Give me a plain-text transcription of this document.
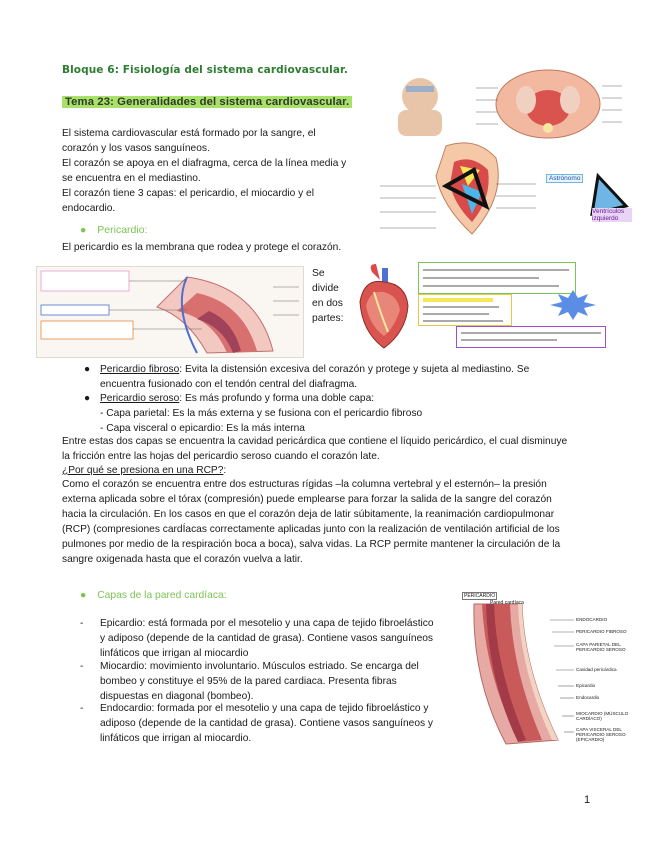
Bloque 6: Fisiología del sistema cardiovascular.
Tema 23: Generalidades del sistema cardiovascular.
El sistema cardiovascular está formado por la sangre, el
corazón y los vasos sanguíneos.
El corazón se apoya en el diafragma, cerca de la línea media y
se encuentra en el mediastino.
El corazón tiene 3 capas: el pericardio, el miocardio y el
endocardio.
Astrónomo
Ventrículos izquierdo
● Pericardio:
El pericardio es la membrana que rodea y protege el corazón.
Se
divide
en dos
partes:
● Pericardio fibroso: Evita la distensión excesiva del corazón y protege y sujeta al mediastino. Se
encuentra fusionado con el tendón central del diafragma.
● Pericardio seroso: Es más profundo y forma una doble capa:
- Capa parietal: Es la más externa y se fusiona con el pericardio fibroso
- Capa visceral o epicardio: Es la más interna
Entre estas dos capas se encuentra la cavidad pericárdica que contiene el líquido pericárdico, el cual disminuye
la fricción entre las hojas del pericardio seroso cuando el corazón late.
¿Por qué se presiona en una RCP?:
Como el corazón se encuentra entre dos estructuras rígidas –la columna vertebral y el esternón– la presión
externa aplicada sobre el tórax (compresión) puede emplearse para forzar la salida de la sangre del corazón
hacia la circulación. En los casos en que el corazón deja de latir súbitamente, la reanimación cardiopulmonar
(RCP) (compresiones cardÍacas correctamente aplicadas junto con la realización de ventilación artificial de los
pulmones por medio de la respiración boca a boca), salva vidas. La RCP permite mantener la circulación de la
sangre oxigenada hasta que el corazón vuelva a latir.
● Capas de la pared cardíaca:
- Epicardio: está formada por el mesotelio y una capa de tejido fibroelástico
y adiposo (depende de la cantidad de grasa). Contiene vasos sanguíneos
linfáticos que irrigan al miocardio
- Miocardio: movimiento involuntario. Músculos estriado. Se encarga del
bombeo y constituye el 95% de la pared cardiaca. Presenta fibras
dispuestas en diagonal (bombeo).
- Endocardio: formada por el mesotelio y una capa de tejido fibroelástico y
adiposo (depende de la cantidad de grasa). Contiene vasos sanguíneos y
linfáticos que irrigan al miocardio.
PERICARDIO
Pared cardíaca
ENDOCARDIO
PERICARDIO FIBROSO
CAPA PARIETAL DEL PERICARDIO SEROSO
Cavidad pericárdica
Epicardio
Endocardio
MIOCARDIO (MÚSCULO CARDÍACO)
CAPA VISCERAL DEL PERICARDIO SEROSO (EPICARDIO)
1
